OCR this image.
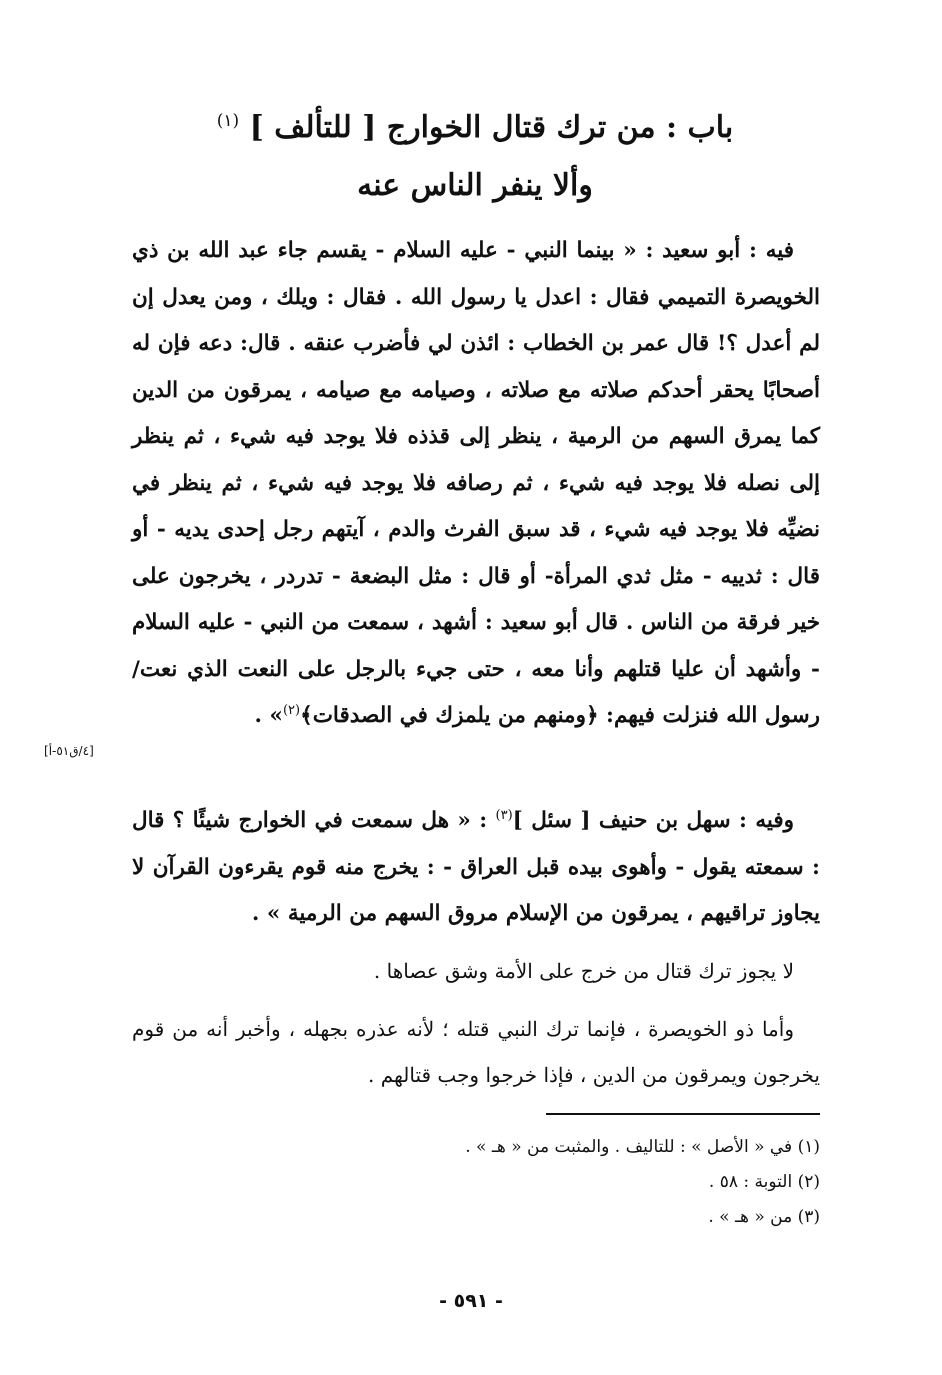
باب : من ترك قتال الخوارج [ للتألف ] $^{(١)}$
وألا ينفر الناس عنه
فيه : أبو سعيد : « بينما النبي - عليه السلام - يقسم جاء عبد الله بن ذي الخويصرة التميمي فقال : اعدل يا رسول الله . فقال : ويلك ، ومن يعدل إن لم أعدل ؟! قال عمر بن الخطاب : ائذن لي فأضرب عنقه . قال: دعه فإن له أصحابًا يحقر أحدكم صلاته مع صلاته ، وصيامه مع صيامه ، يمرقون من الدين كما يمرق السهم من الرمية ، ينظر إلى قذذه فلا يوجد فيه شيء ، ثم ينظر إلى نصله فلا يوجد فيه شيء ، ثم رصافه فلا يوجد فيه شيء ، ثم ينظر في نضيِّه فلا يوجد فيه شيء ، قد سبق الفرث والدم ، آيتهم رجل إحدى يديه - أو قال : ثدييه - مثل ثدي المرأة- أو قال : مثل البضعة - تدردر ، يخرجون على خير فرقة من الناس . قال أبو سعيد : أشهد ، سمعت من النبي - عليه السلام - وأشهد أن عليا قتلهم وأنا معه ، حتى جيء بالرجل على النعت الذي نعت/ رسول الله فنزلت فيهم: ﴿ومنهم من يلمزك في الصدقات﴾$^{(٢)}$» .
[٤/ق٥١-أ]
وفيه : سهل بن حنيف [ سئل ]$^{(٣)}$ : « هل سمعت في الخوارج شيئًا ؟ قال : سمعته يقول - وأهوى بيده قبل العراق - : يخرج منه قوم يقرءون القرآن لا يجاوز تراقيهم ، يمرقون من الإسلام مروق السهم من الرمية » .
لا يجوز ترك قتال من خرج على الأمة وشق عصاها .
وأما ذو الخويصرة ، فإنما ترك النبي قتله ؛ لأنه عذره بجهله ، وأخبر أنه من قوم يخرجون ويمرقون من الدين ، فإذا خرجوا وجب قتالهم .
(١) في « الأصل » : للتاليف . والمثبت من « هـ » .
(٢) التوبة : ٥٨ .
(٣) من « هـ » .
- ٥٩١ -
